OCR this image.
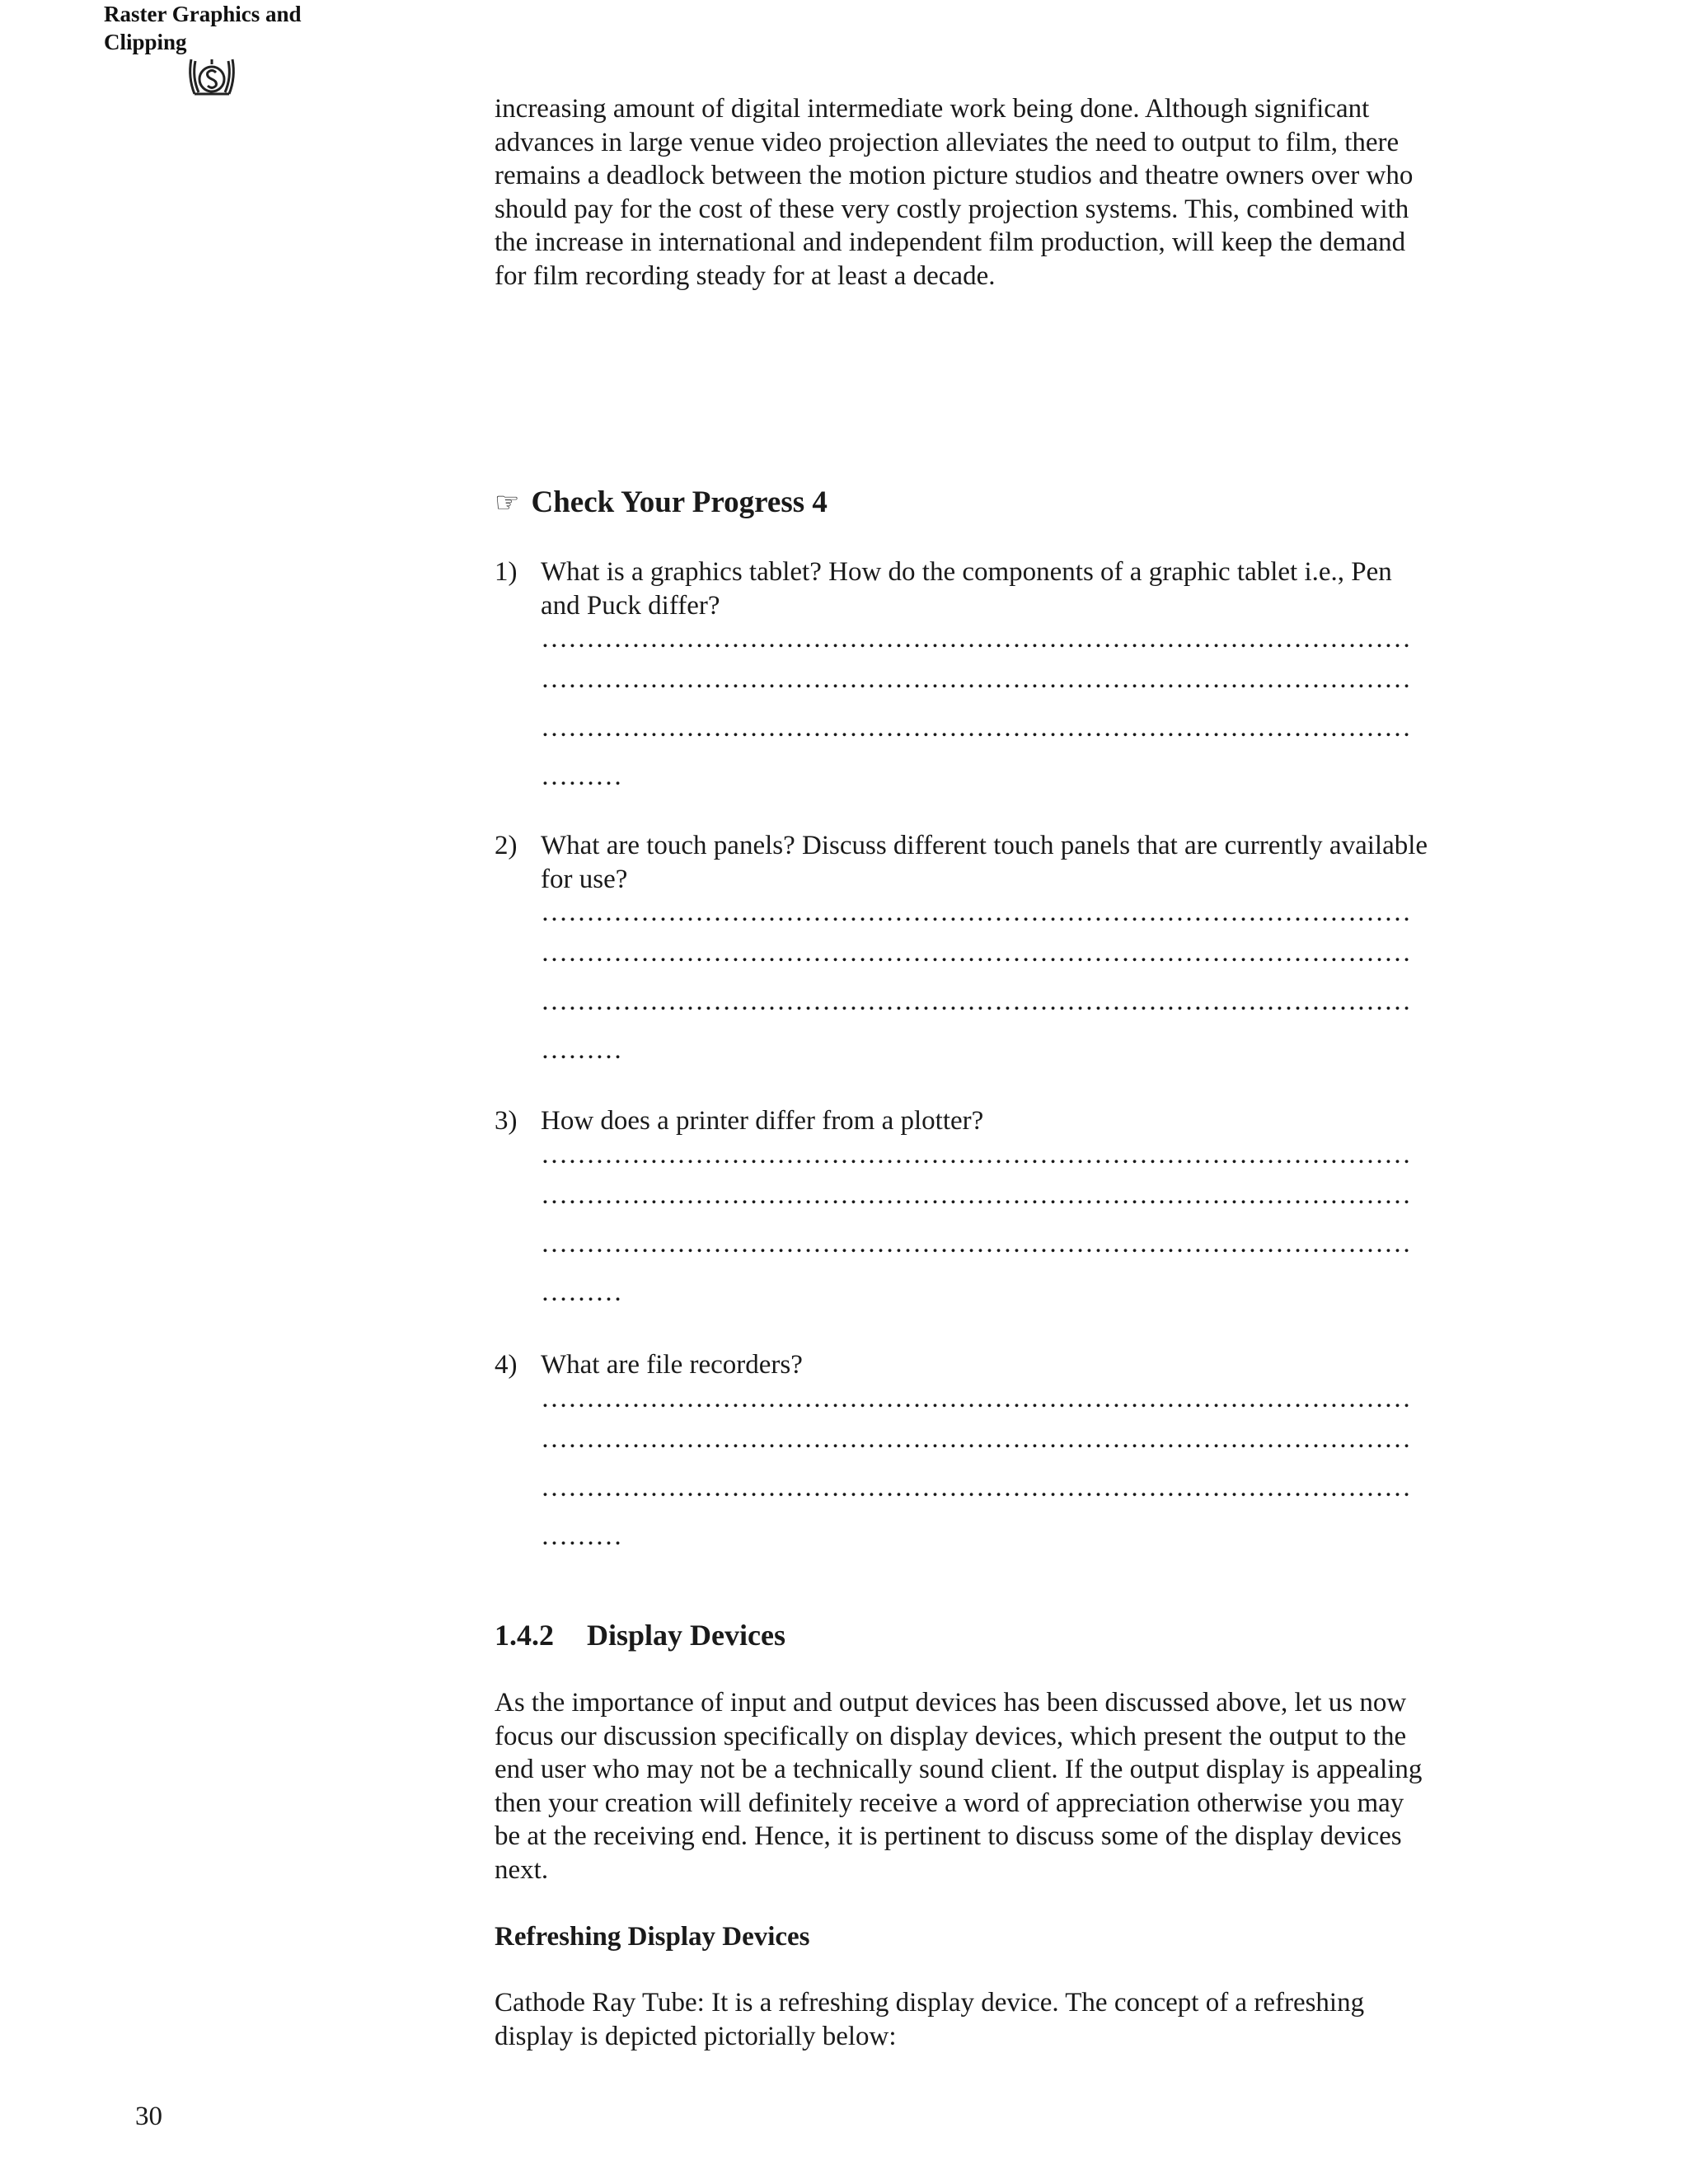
Raster Graphics and
Clipping
increasing amount of digital intermediate work being done. Although significant
advances in large venue video projection alleviates the need to output to film, there
remains a deadlock between the motion picture studios and theatre owners over who
should pay for the cost of these very costly projection systems. This, combined with
the increase in international and independent film production, will keep the demand
for film recording steady for at least a decade.
☞ Check Your Progress 4
1) What is a graphics tablet? How do the components of a graphic tablet i.e., Pen
and Puck differ?
……………………………………………………………………………………
……………………………………………………………………………………
……………………………………………………………………………………
………
2) What are touch panels? Discuss different touch panels that are currently available
for use?
……………………………………………………………………………………
……………………………………………………………………………………
……………………………………………………………………………………
………
3) How does a printer differ from a plotter?
……………………………………………………………………………………
……………………………………………………………………………………
……………………………………………………………………………………
………
4) What are file recorders?
……………………………………………………………………………………
……………………………………………………………………………………
……………………………………………………………………………………
………
1.4.2 Display Devices
As the importance of input and output devices has been discussed above, let us now
focus our discussion specifically on display devices, which present the output to the
end user who may not be a technically sound client. If the output display is appealing
then your creation will definitely receive a word of appreciation otherwise you may
be at the receiving end. Hence, it is pertinent to discuss some of the display devices
next.
Refreshing Display Devices
Cathode Ray Tube: It is a refreshing display device. The concept of a refreshing
display is depicted pictorially below:
30
